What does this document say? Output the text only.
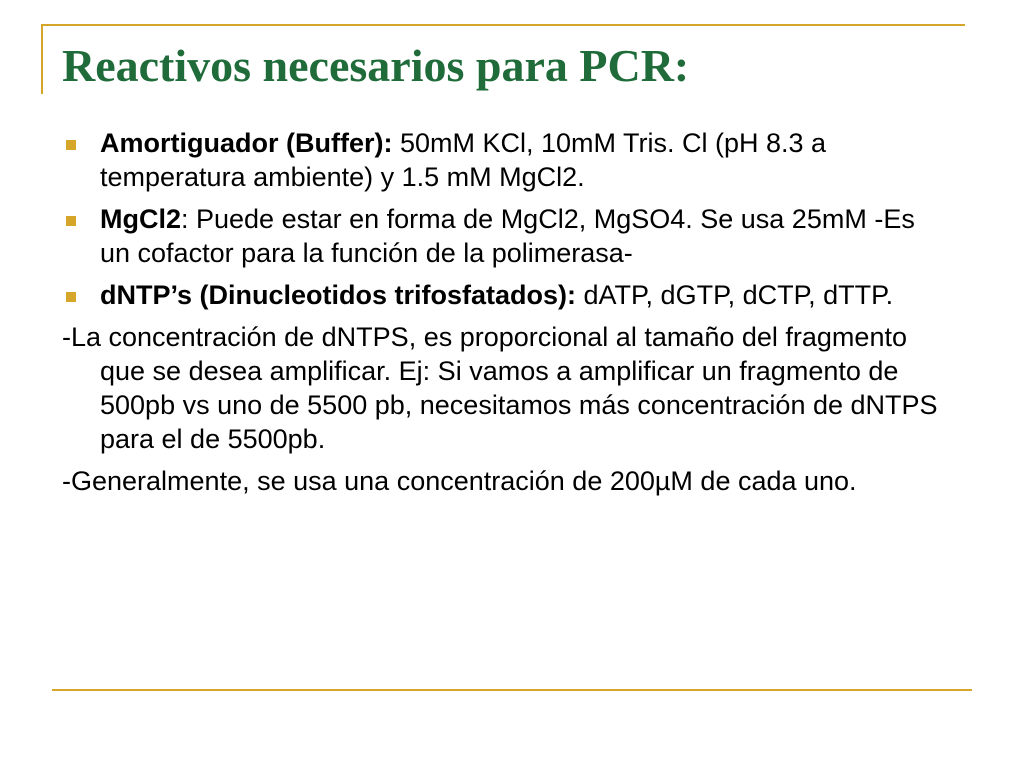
Reactivos necesarios para PCR:
Amortiguador (Buffer): 50mM KCl, 10mM Tris. Cl (pH 8.3 a temperatura ambiente) y 1.5 mM MgCl2.
MgCl2: Puede estar en forma de MgCl2, MgSO4. Se usa 25mM -Es un cofactor para la función de la polimerasa-
dNTP’s (Dinucleotidos trifosfatados): dATP, dGTP, dCTP, dTTP.
-La concentración de dNTPS, es proporcional al tamaño del fragmento que se desea amplificar. Ej: Si vamos a amplificar un fragmento de 500pb vs uno de 5500 pb, necesitamos más concentración de dNTPS para el de 5500pb.
-Generalmente, se usa una concentración de 200µM de cada uno.
